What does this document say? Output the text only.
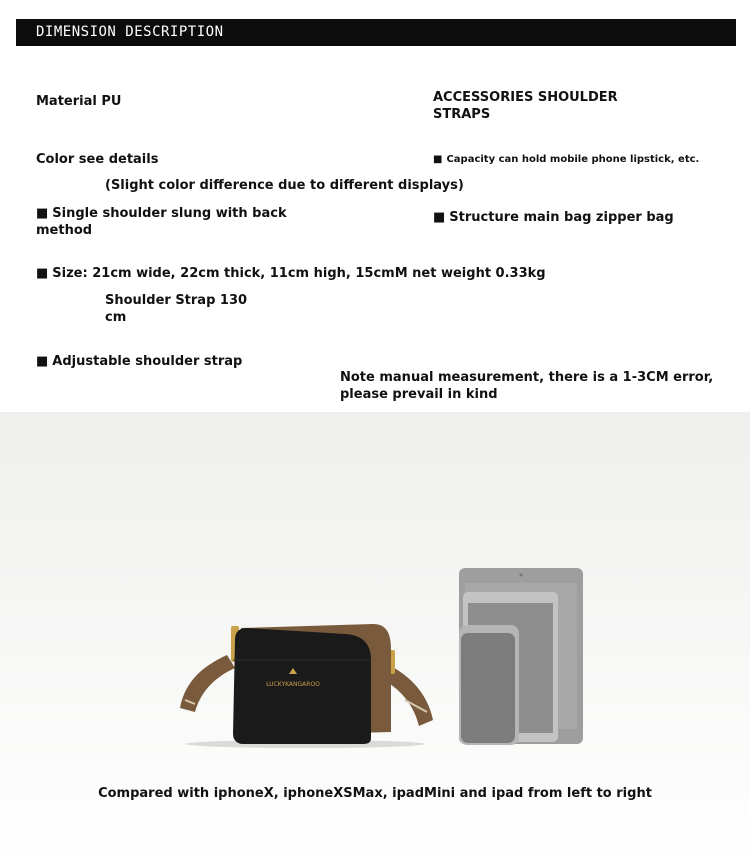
DIMENSION DESCRIPTION
Material PU	ACCESSORIES SHOULDER STRAPS
Color see details
■	Capacity can hold mobile phone lipstick, etc.
(Slight color difference due to different displays)
■ Single shoulder slung with back method
■ Structure main bag zipper bag
■ Size: 21cm wide, 22cm thick, 11cm high, 15cmM net weight 0.33kg
Shoulder Strap 130 cm
■ Adjustable shoulder strap
Note manual measurement, there is a 1-3CM error, please prevail in kind
LUCKYKANGAROO
Compared with iphoneX, iphoneXSMax, ipadMini and ipad from left to right
